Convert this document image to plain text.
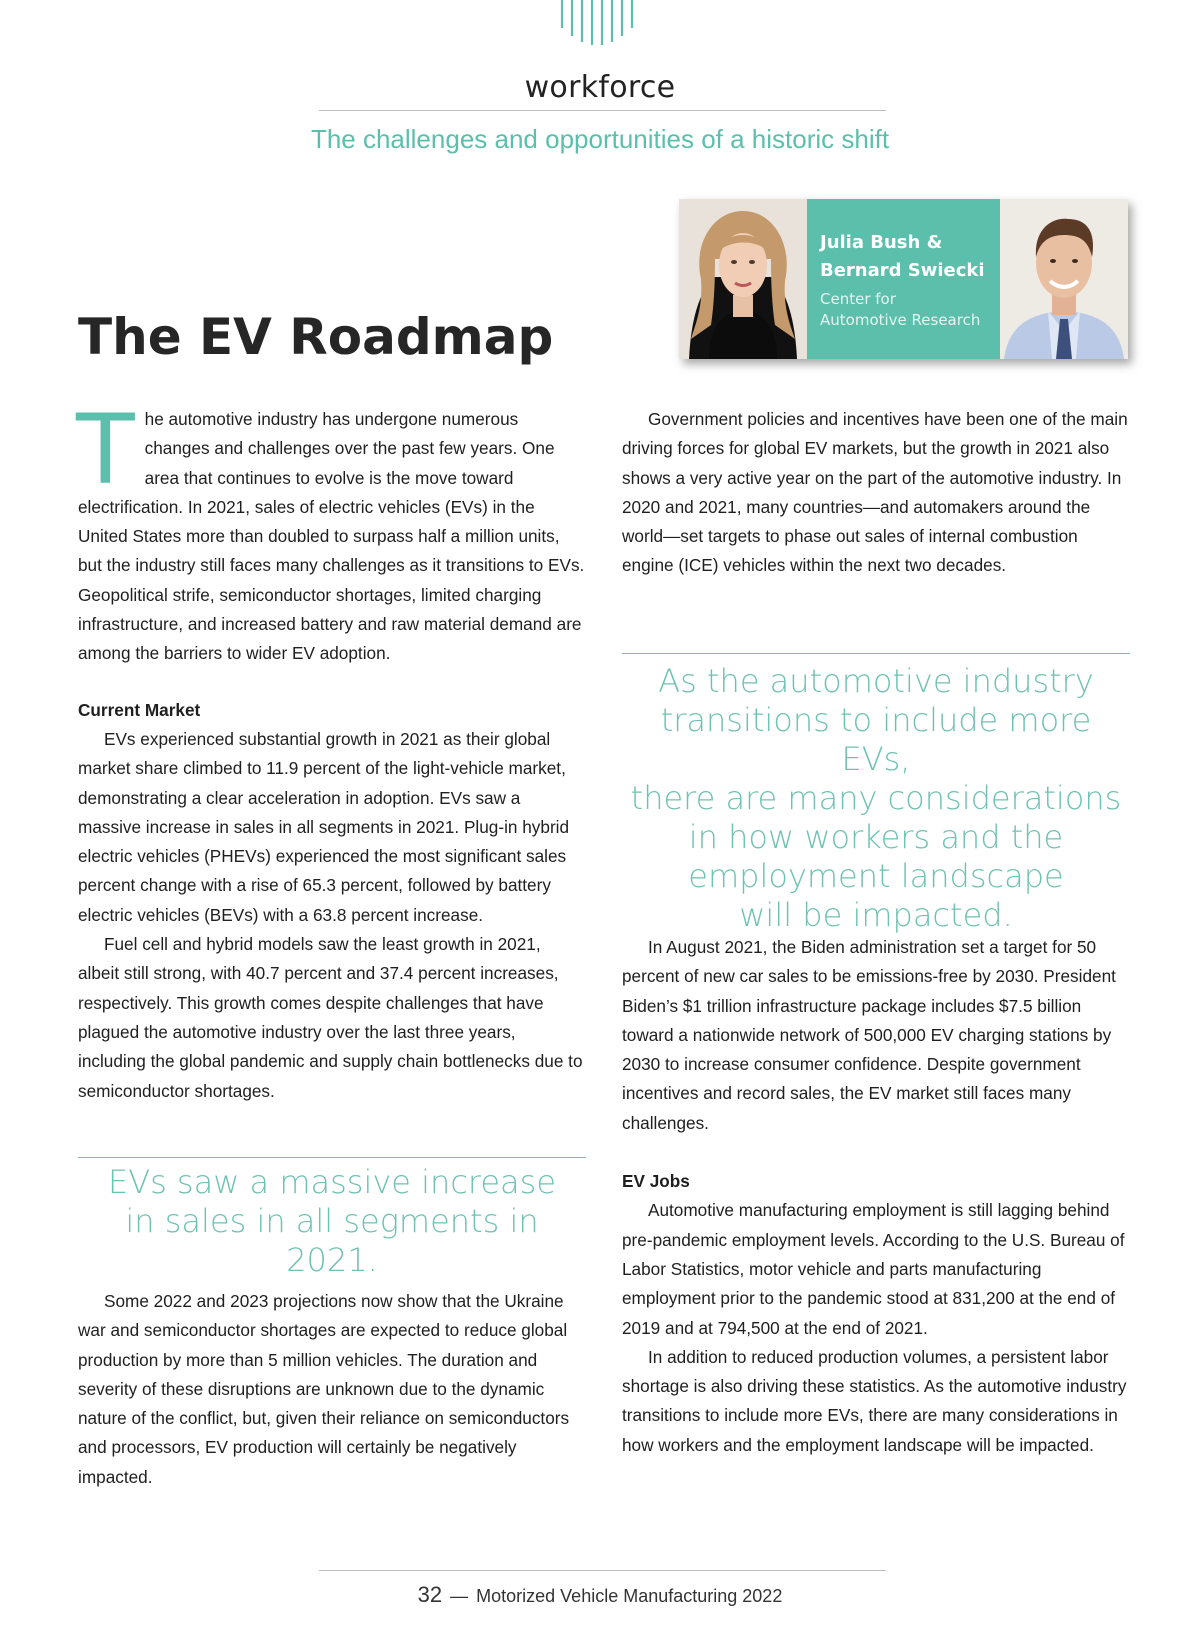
workforce
The challenges and opportunities of a historic shift
The EV Roadmap
Julia Bush &
Bernard Swiecki
Center for
Automotive Research

The automotive industry has undergone numerous changes and challenges over the past few years. One area that continues to evolve is the move toward electrification. In 2021, sales of electric vehicles (EVs) in the United States more than doubled to surpass half a million units, but the industry still faces many challenges as it transitions to EVs. Geopolitical strife, semiconductor shortages, limited charging infrastructure, and increased battery and raw material demand are among the barriers to wider EV adoption.

Current Market

EVs experienced substantial growth in 2021 as their global market share climbed to 11.9 percent of the light-vehicle market, demonstrating a clear acceleration in adoption. EVs saw a massive increase in sales in all segments in 2021. Plug-in hybrid electric vehicles (PHEVs) experienced the most significant sales percent change with a rise of 65.3 percent, followed by battery electric vehicles (BEVs) with a 63.8 percent increase.

Fuel cell and hybrid models saw the least growth in 2021, albeit still strong, with 40.7 percent and 37.4 percent increases, respectively. This growth comes despite challenges that have plagued the automotive industry over the last three years, including the global pandemic and supply chain bottlenecks due to semiconductor shortages.

EVs saw a massive increase
in sales in all segments in 2021.

Some 2022 and 2023 projections now show that the Ukraine war and semiconductor shortages are expected to reduce global production by more than 5 million vehicles. The duration and severity of these disruptions are unknown due to the dynamic nature of the conflict, but, given their reliance on semiconductors and processors, EV production will certainly be negatively impacted.

Government policies and incentives have been one of the main driving forces for global EV markets, but the growth in 2021 also shows a very active year on the part of the automotive industry. In 2020 and 2021, many countries—and automakers around the world—set targets to phase out sales of internal combustion engine (ICE) vehicles within the next two decades.

As the automotive industry
transitions to include more EVs,
there are many considerations
in how workers and the
employment landscape
will be impacted.

In August 2021, the Biden administration set a target for 50 percent of new car sales to be emissions-free by 2030. President Biden’s $1 trillion infrastructure package includes $7.5 billion toward a nationwide network of 500,000 EV charging stations by 2030 to increase consumer confidence. Despite government incentives and record sales, the EV market still faces many challenges.

EV Jobs

Automotive manufacturing employment is still lagging behind pre-pandemic employment levels. According to the U.S. Bureau of Labor Statistics, motor vehicle and parts manufacturing employment prior to the pandemic stood at 831,200 at the end of 2019 and at 794,500 at the end of 2021.

In addition to reduced production volumes, a persistent labor shortage is also driving these statistics. As the automotive industry transitions to include more EVs, there are many considerations in how workers and the employment landscape will be impacted.

32 — Motorized Vehicle Manufacturing 2022
